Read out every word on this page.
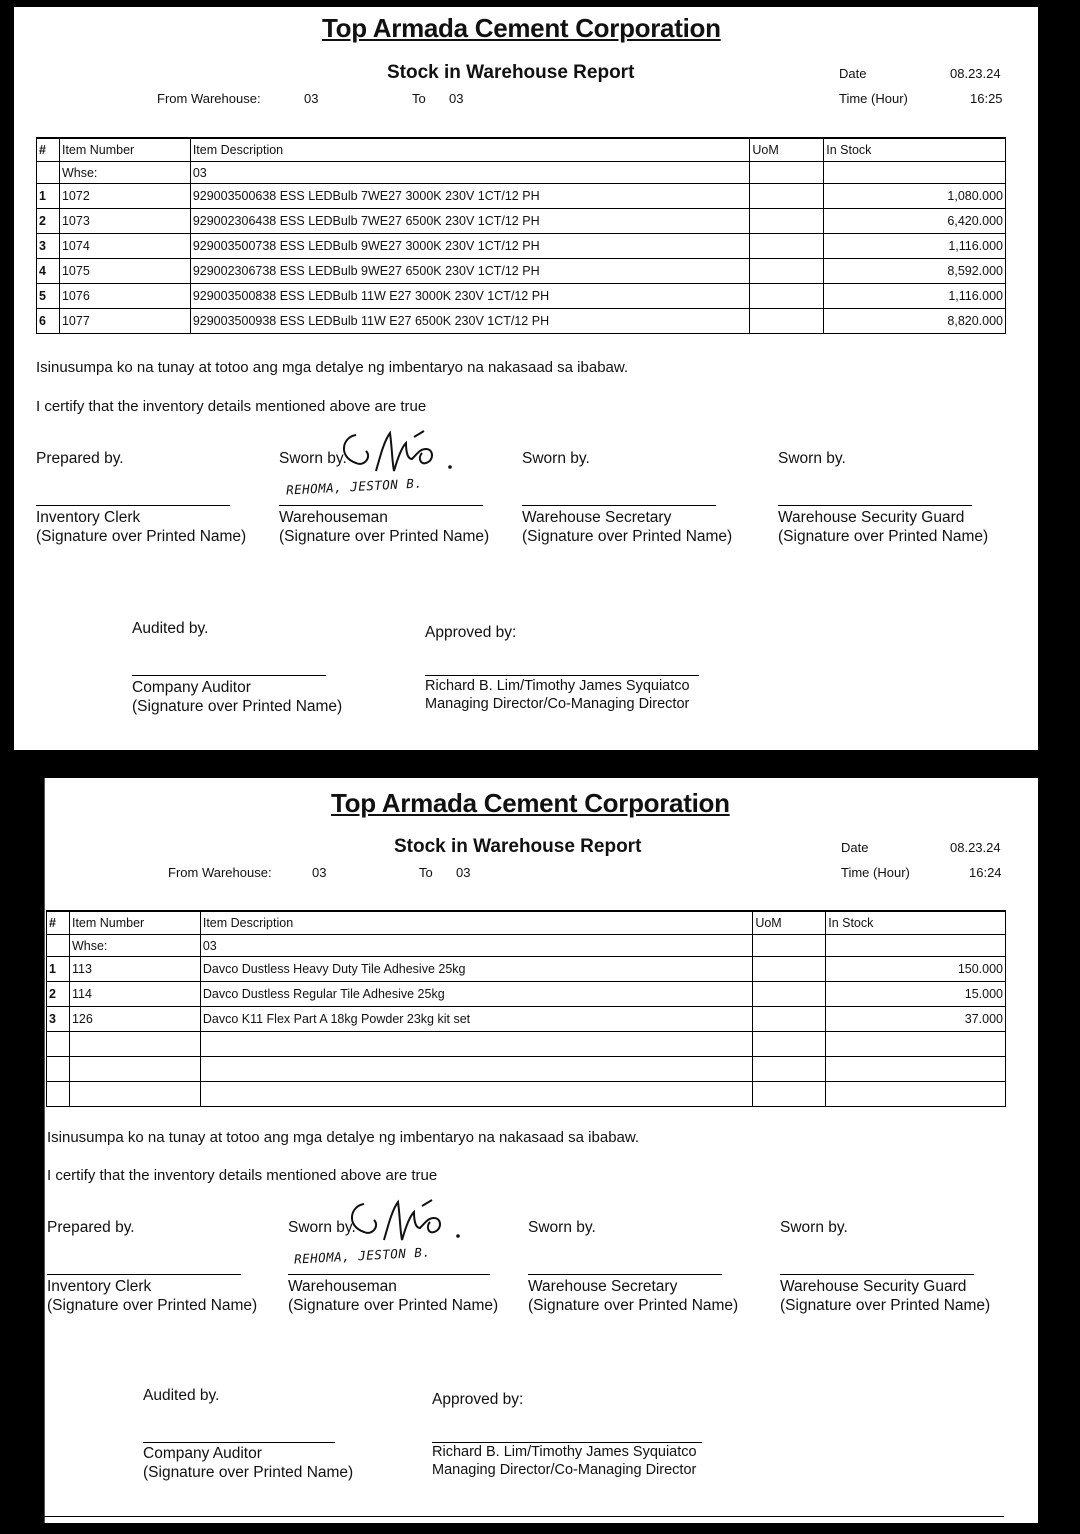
Top Armada Cement Corporation
Stock in Warehouse Report
From Warehouse:	03	To 03
Date	08.23.24
Time (Hour)	16:25
#	Item Number	Item Description	UoM	In Stock
	Whse:	03		
1	1072	929003500638 ESS LEDBulb 7WE27 3000K 230V 1CT/12 PH		1,080.000
2	1073	929002306438 ESS LEDBulb 7WE27 6500K 230V 1CT/12 PH		6,420.000
3	1074	929003500738 ESS LEDBulb 9WE27 3000K 230V 1CT/12 PH		1,116.000
4	1075	929002306738 ESS LEDBulb 9WE27 6500K 230V 1CT/12 PH		8,592.000
5	1076	929003500838 ESS LEDBulb 11W E27 3000K 230V 1CT/12 PH		1,116.000
6	1077	929003500938 ESS LEDBulb 11W E27 6500K 230V 1CT/12 PH		8,820.000
Isinusumpa ko na tunay at totoo ang mga detalye ng imbentaryo na nakasaad sa ibabaw.
I certify that the inventory details mentioned above are true
Prepared by.
Inventory Clerk
(Signature over Printed Name)
Sworn by.
REHOMA, JESTON B.
Warehouseman
(Signature over Printed Name)
Sworn by.
Warehouse Secretary
(Signature over Printed Name)
Sworn by.
Warehouse Security Guard
(Signature over Printed Name)
Audited by.
Company Auditor
(Signature over Printed Name)
Approved by:
Richard B. Lim/Timothy James Syquiatco
Managing Director/Co-Managing Director
Top Armada Cement Corporation
Stock in Warehouse Report
From Warehouse:	03	To 03
Date	08.23.24
Time (Hour)	16:24
#	Item Number	Item Description	UoM	In Stock
	Whse:	03		
1	113	Davco Dustless Heavy Duty Tile Adhesive 25kg		150.000
2	114	Davco Dustless Regular Tile Adhesive 25kg		15.000
3	126	Davco K11 Flex Part A 18kg Powder 23kg kit set		37.000

Isinusumpa ko na tunay at totoo ang mga detalye ng imbentaryo na nakasaad sa ibabaw.
I certify that the inventory details mentioned above are true
Prepared by.
Inventory Clerk
(Signature over Printed Name)
Sworn by.
REHOMA, JESTON B.
Warehouseman
(Signature over Printed Name)
Sworn by.
Warehouse Secretary
(Signature over Printed Name)
Sworn by.
Warehouse Security Guard
(Signature over Printed Name)
Audited by.
Company Auditor
(Signature over Printed Name)
Approved by:
Richard B. Lim/Timothy James Syquiatco
Managing Director/Co-Managing Director
